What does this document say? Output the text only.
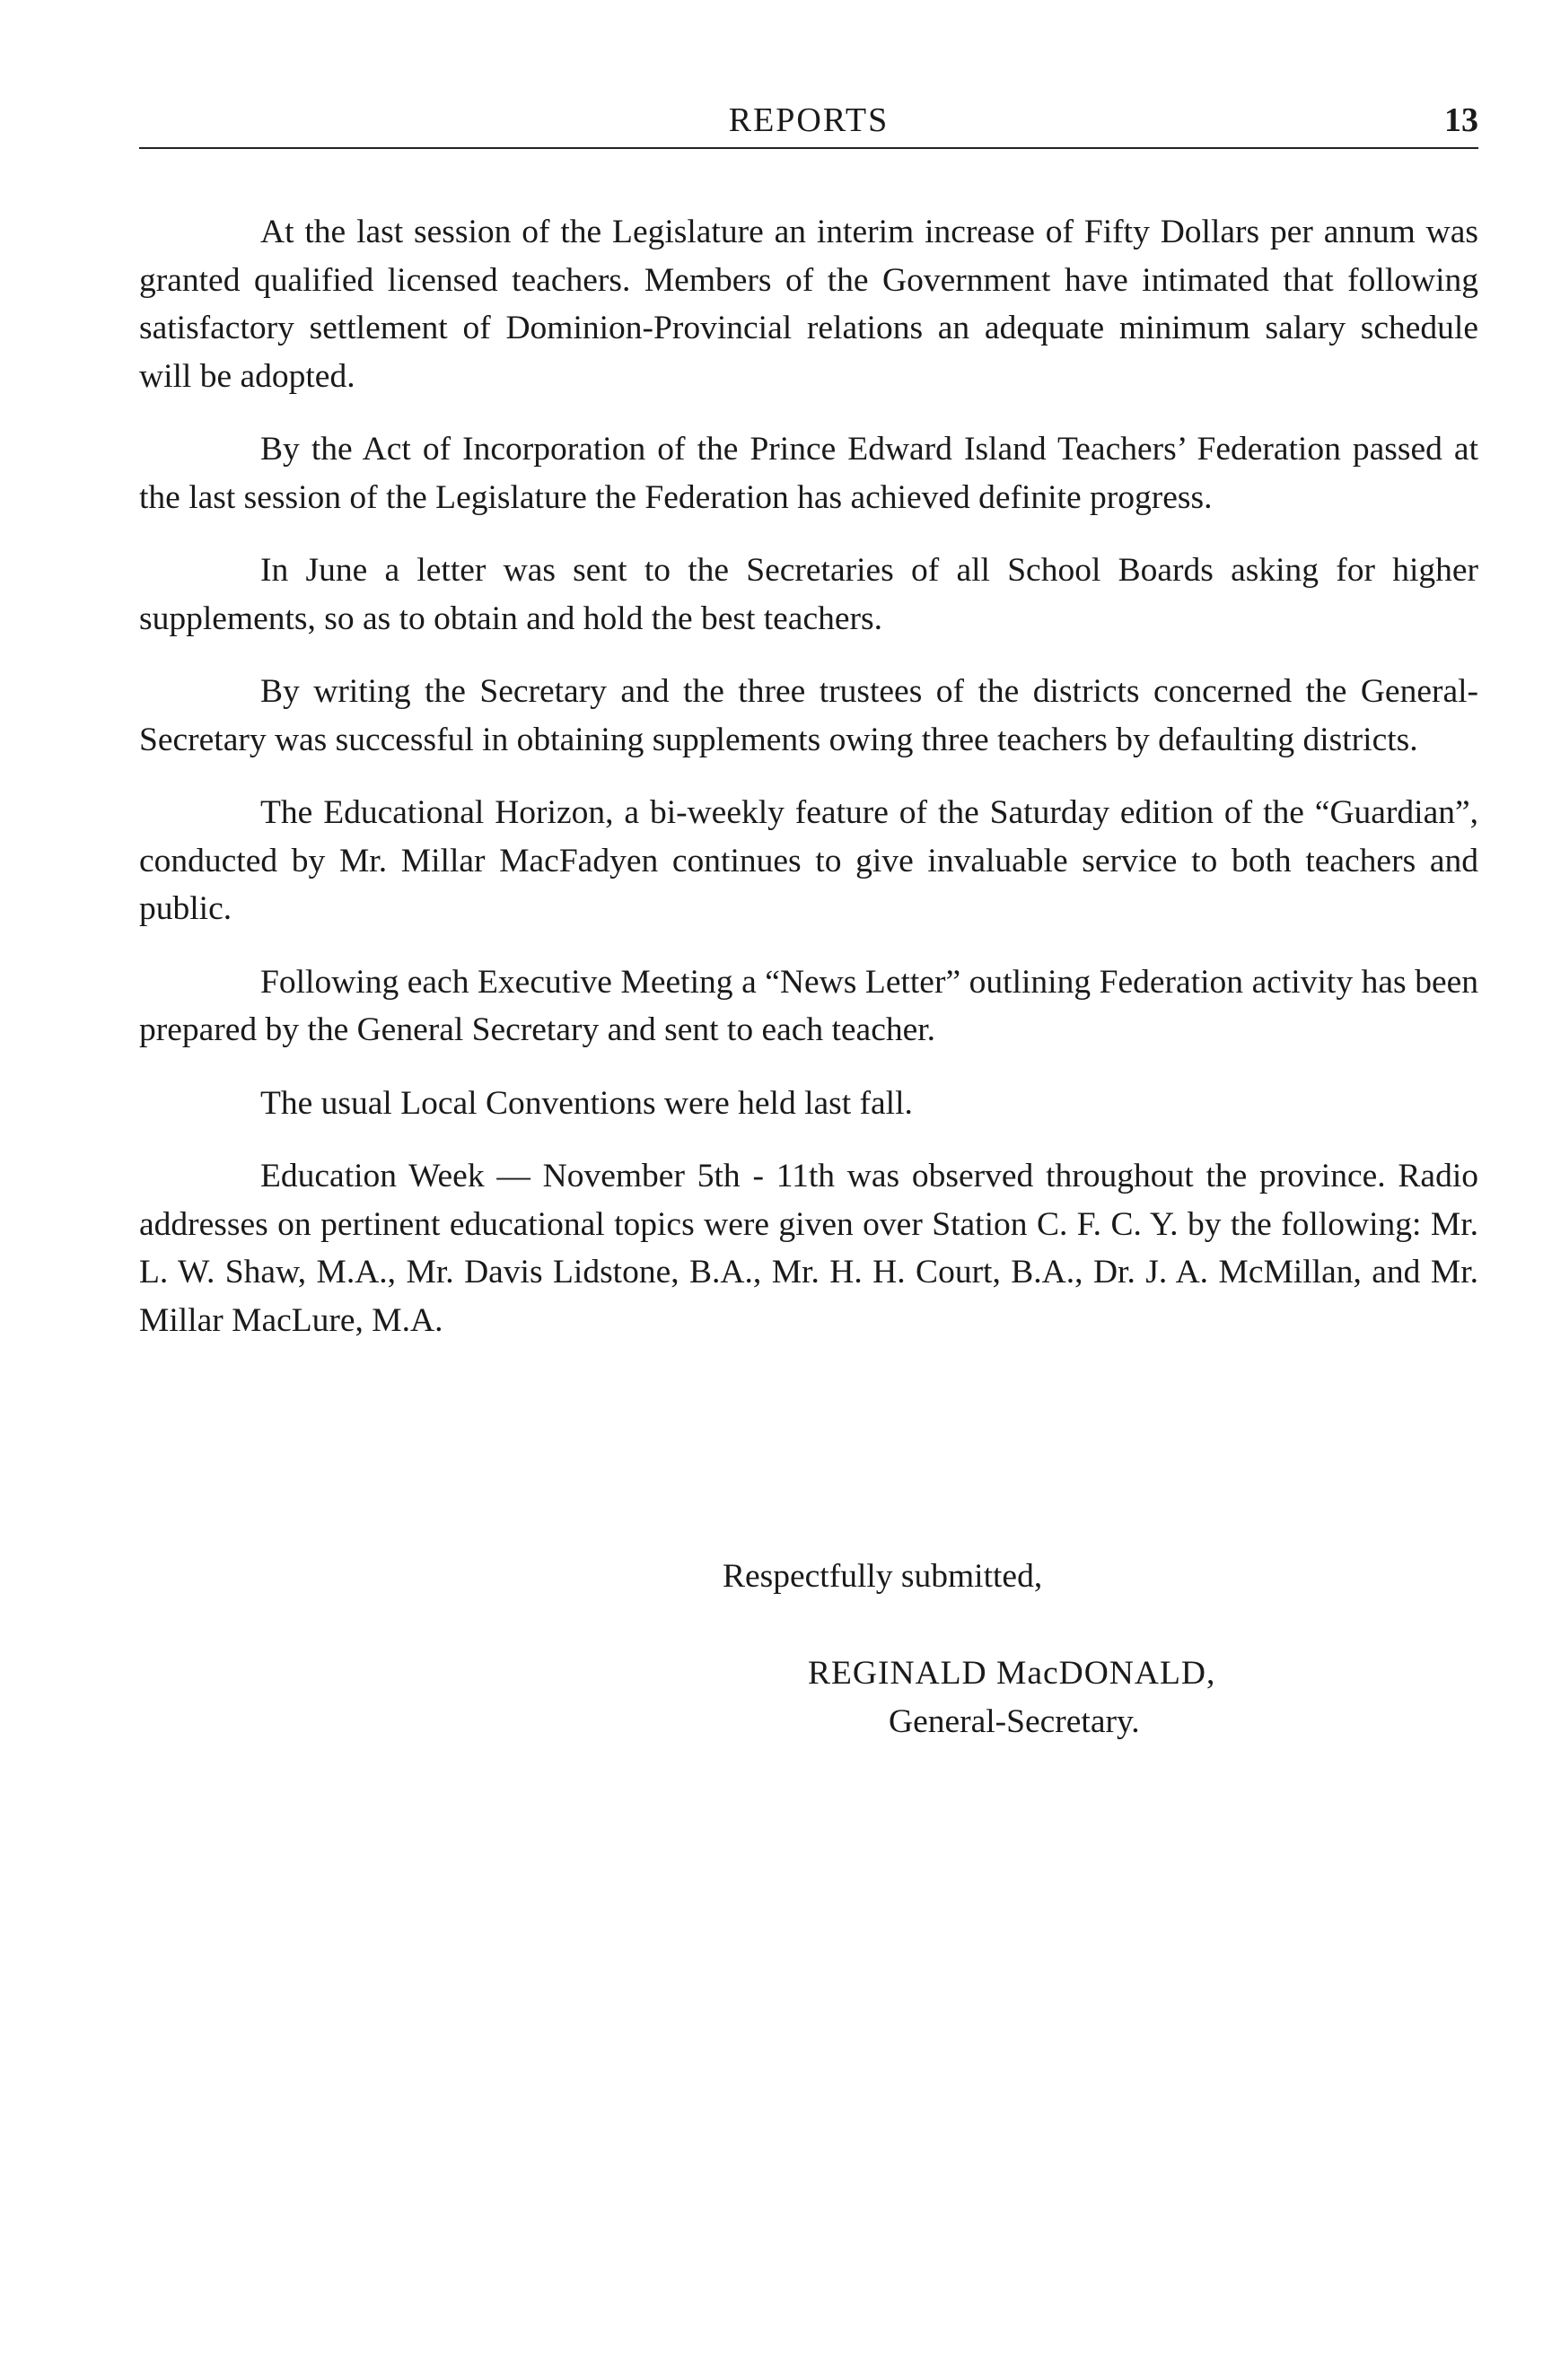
REPORTS	13

At the last session of the Legislature an interim increase of Fifty Dollars per annum was granted qualified licensed teachers. Members of the Government have intimated that following satisfactory settlement of Dominion-Provincial relations an adequate minimum salary schedule will be adopted.

By the Act of Incorporation of the Prince Edward Island Teachers’ Federation passed at the last session of the Legislature the Federation has achieved definite progress.

In June a letter was sent to the Secretaries of all School Boards asking for higher supplements, so as to obtain and hold the best teachers.

By writing the Secretary and the three trustees of the districts concerned the General-Secretary was successful in obtaining supplements owing three teachers by defaulting districts.

The Educational Horizon, a bi-weekly feature of the Saturday edition of the “Guardian”, conducted by Mr. Millar MacFadyen continues to give invaluable service to both teachers and public.

Following each Executive Meeting a “News Letter” outlining Federation activity has been prepared by the General Secretary and sent to each teacher.

The usual Local Conventions were held last fall.

Education Week — November 5th - 11th was observed throughout the province. Radio addresses on pertinent educational topics were given over Station C. F. C. Y. by the following: Mr. L. W. Shaw, M.A., Mr. Davis Lidstone, B.A., Mr. H. H. Court, B.A., Dr. J. A. McMillan, and Mr. Millar MacLure, M.A.

Respectfully submitted,
REGINALD MacDONALD,
General-Secretary.
